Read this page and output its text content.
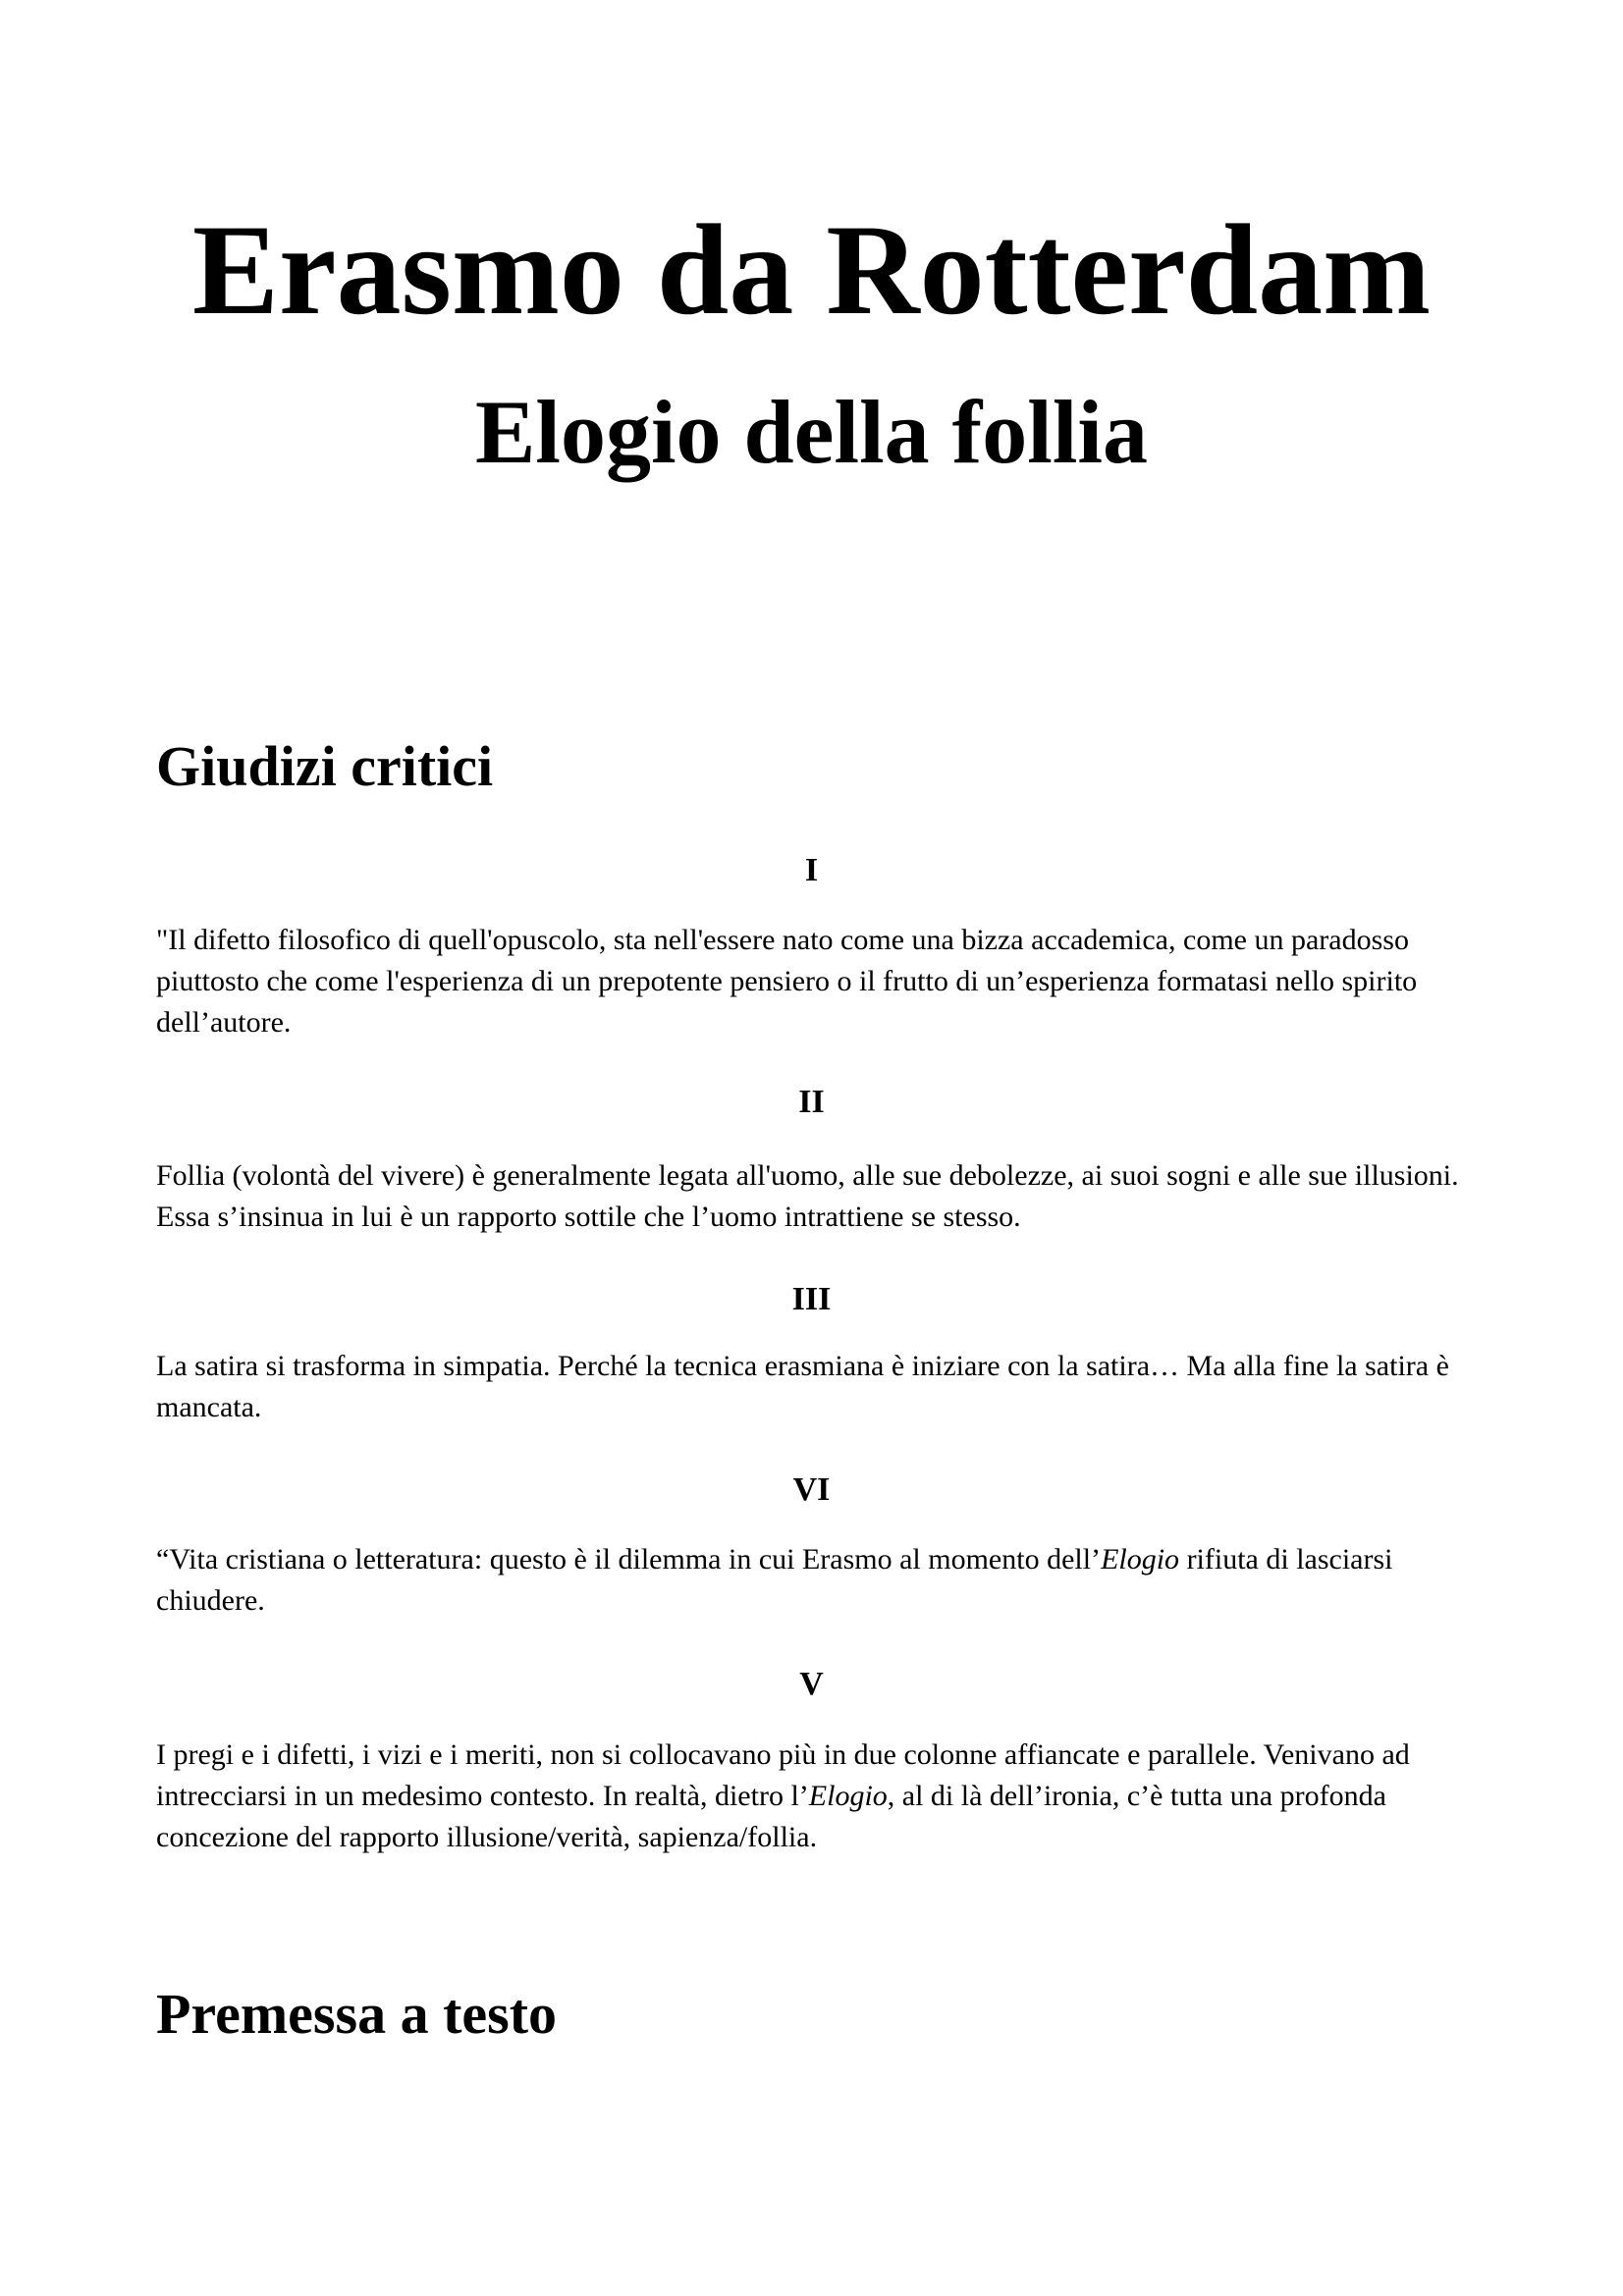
Erasmo da Rotterdam
Elogio della follia
Giudizi critici
I

"Il difetto filosofico di quell'opuscolo, sta nell'essere nato come una bizza accademica, come un paradosso piuttosto che come l'esperienza di un prepotente pensiero o il frutto di un’esperienza formatasi nello spirito dell’autore.

II

Follia (volontà del vivere) è generalmente legata all'uomo, alle sue debolezze, ai suoi sogni e alle sue illusioni. Essa s’insinua in lui è un rapporto sottile che l’uomo intrattiene se stesso.

III

La satira si trasforma in simpatia. Perché la tecnica erasmiana è iniziare con la satira… Ma alla fine la satira è mancata.

VI

“Vita cristiana o letteratura: questo è il dilemma in cui Erasmo al momento dell’Elogio rifiuta di lasciarsi chiudere.

V

I pregi e i difetti, i vizi e i meriti, non si collocavano più in due colonne affiancate e parallele. Venivano ad intrecciarsi in un medesimo contesto. In realtà, dietro l’Elogio, al di là dell’ironia, c’è tutta una profonda concezione del rapporto illusione/verità, sapienza/follia.

Premessa a testo
